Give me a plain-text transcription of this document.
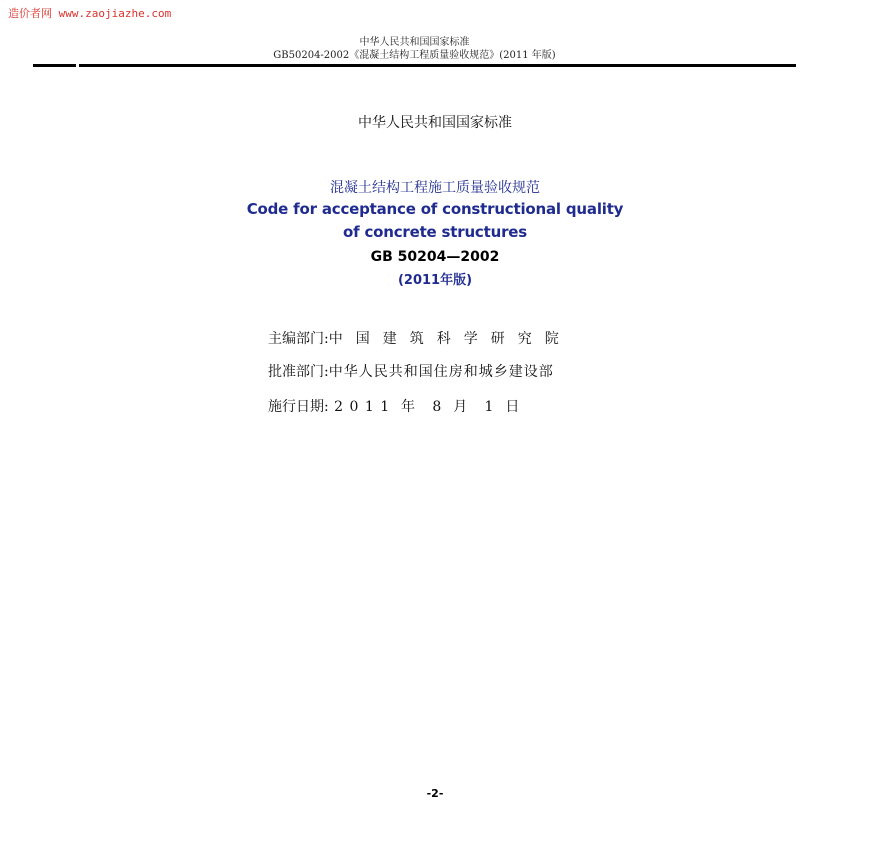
造价者网 www.zaojiazhe.com
中华人民共和国国家标准
GB50204-2002《混凝土结构工程质量验收规范》(2011 年版)
中华人民共和国国家标准
混凝土结构工程施工质量验收规范
Code for acceptance of constructional quality
of concrete structures
GB 50204—2002
(2011年版)
主编部门:中国建筑科学研究院
批准部门:中华人民共和国住房和城乡建设部
施行日期: 2 0 1 1  年   8  月   1  日
-2-
